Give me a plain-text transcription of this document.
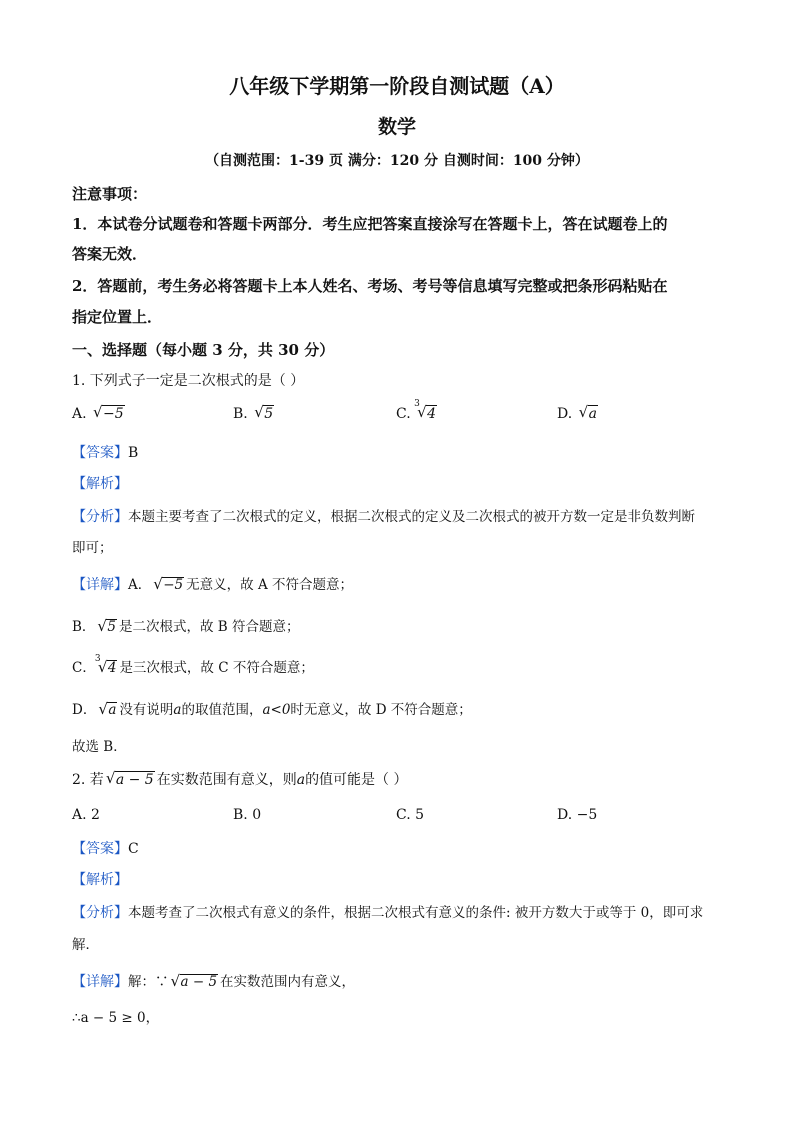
八年级下学期第一阶段自测试题（A）
数学
（自测范围：1-39 页 满分：120 分 自测时间：100 分钟）
注意事项：
1．本试卷分试题卷和答题卡两部分．考生应把答案直接涂写在答题卡上，答在试题卷上的
答案无效．
2．答题前，考生务必将答题卡上本人姓名、考场、考号等信息填写完整或把条形码粘贴在
指定位置上．
一、选择题（每小题 3 分，共 30 分）
1. 下列式子一定是二次根式的是（ ）
A. √ −5	B. √ 5	C.
3
√ 4	D. √ a
【答案】B
【解析】
【分析】本题主要考查了二次根式的定义，根据二次根式的定义及二次根式的被开方数一定是非负数判断
即可；
【详解】A． √ −5 无意义，故 A 不符合题意；
B． √ 5 是二次根式，故 B 符合题意；
C．
3
√ 4 是三次根式，故 C 不符合题意；
D． √ a 没有说明a的取值范围，a<0时无意义，故 D 不符合题意；
故选 B．
2. 若 √ a − 5 在实数范围有意义，则a的值可能是（ ）
A. 2	B. 0	C. 5	D. −5
【答案】C
【解析】
【分析】本题考查了二次根式有意义的条件，根据二次根式有意义的条件: 被开方数大于或等于 0，即可求
解．
【详解】解：∵ √ a − 5 在实数范围内有意义，
∴a − 5 ≥ 0，
